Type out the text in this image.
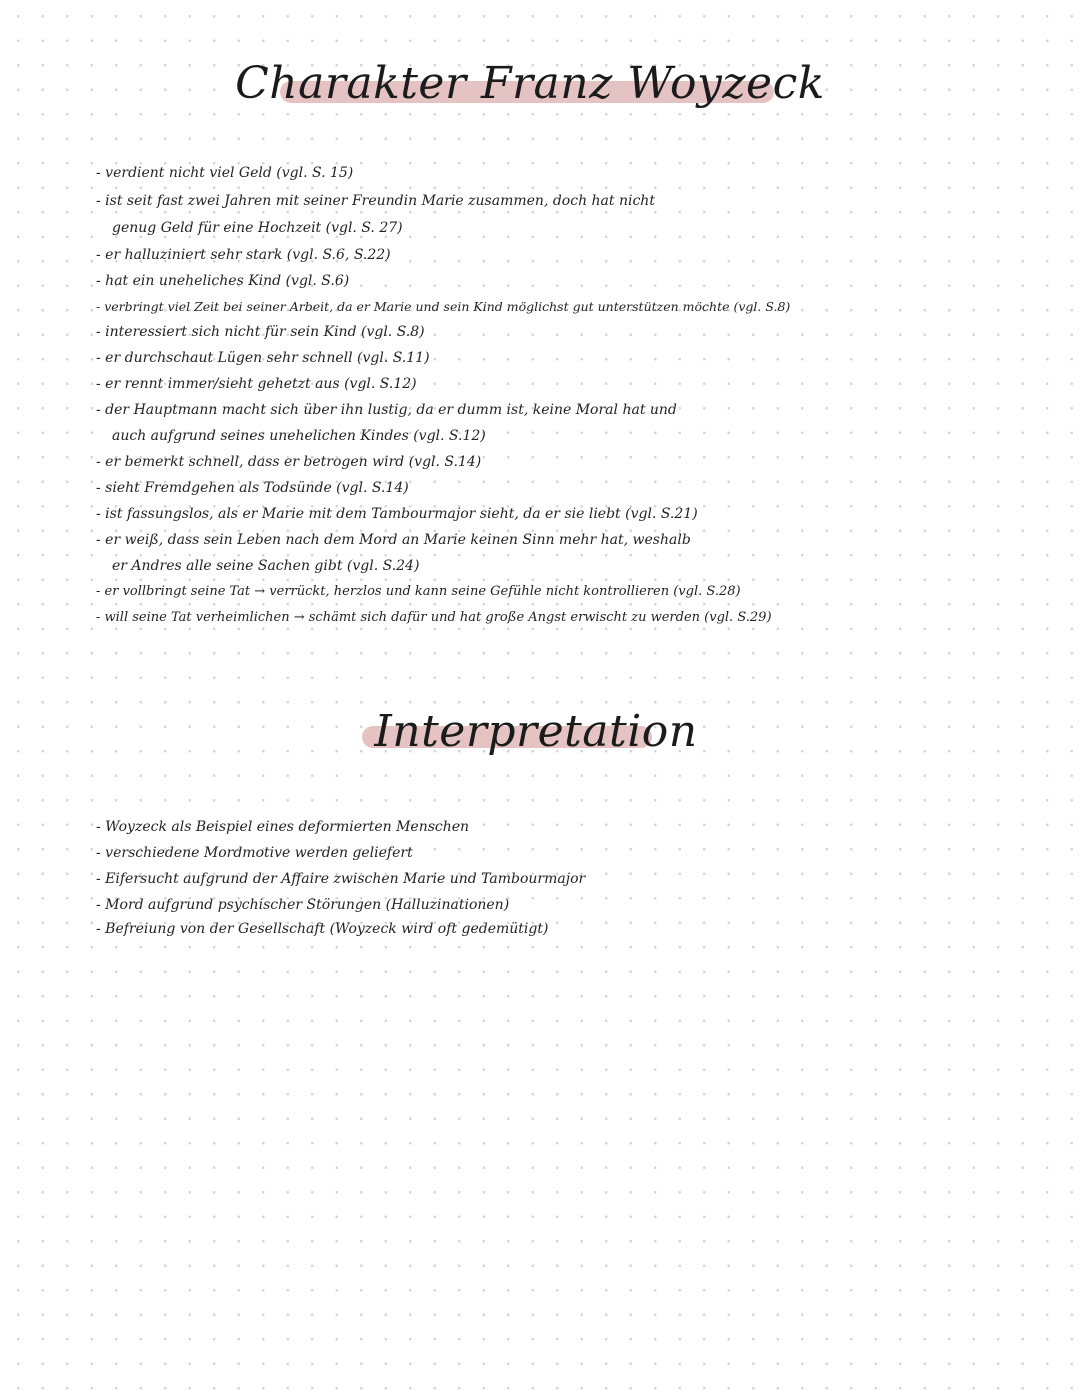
Charakter Franz Woyzeck
- verdient nicht viel Geld (vgl. S. 15)
- ist seit fast zwei Jahren mit seiner Freundin Marie zusammen, doch hat nicht
genug Geld für eine Hochzeit (vgl. S. 27)
- er halluziniert sehr stark (vgl. S.6, S.22)
- hat ein uneheliches Kind (vgl. S.6)
- verbringt viel Zeit bei seiner Arbeit, da er Marie und sein Kind möglichst gut unterstützen möchte (vgl. S.8)
- interessiert sich nicht für sein Kind (vgl. S.8)
- er durchschaut Lügen sehr schnell (vgl. S.11)
- er rennt immer/sieht gehetzt aus (vgl. S.12)
- der Hauptmann macht sich über ihn lustig, da er dumm ist, keine Moral hat und
auch aufgrund seines unehelichen Kindes (vgl. S.12)
- er bemerkt schnell, dass er betrogen wird (vgl. S.14)
- sieht Fremdgehen als Todsünde (vgl. S.14)
- ist fassungslos, als er Marie mit dem Tambourmajor sieht, da er sie liebt (vgl. S.21)
- er weiß, dass sein Leben nach dem Mord an Marie keinen Sinn mehr hat, weshalb
er Andres alle seine Sachen gibt (vgl. S.24)
- er vollbringt seine Tat → verrückt, herzlos und kann seine Gefühle nicht kontrollieren (vgl. S.28)
- will seine Tat verheimlichen → schämt sich dafür und hat große Angst erwischt zu werden (vgl. S.29)
Interpretation
- Woyzeck als Beispiel eines deformierten Menschen
- verschiedene Mordmotive werden geliefert
- Eifersucht aufgrund der Affaire zwischen Marie und Tambourmajor
- Mord aufgrund psychischer Störungen (Halluzinationen)
- Befreiung von der Gesellschaft (Woyzeck wird oft gedemütigt)
